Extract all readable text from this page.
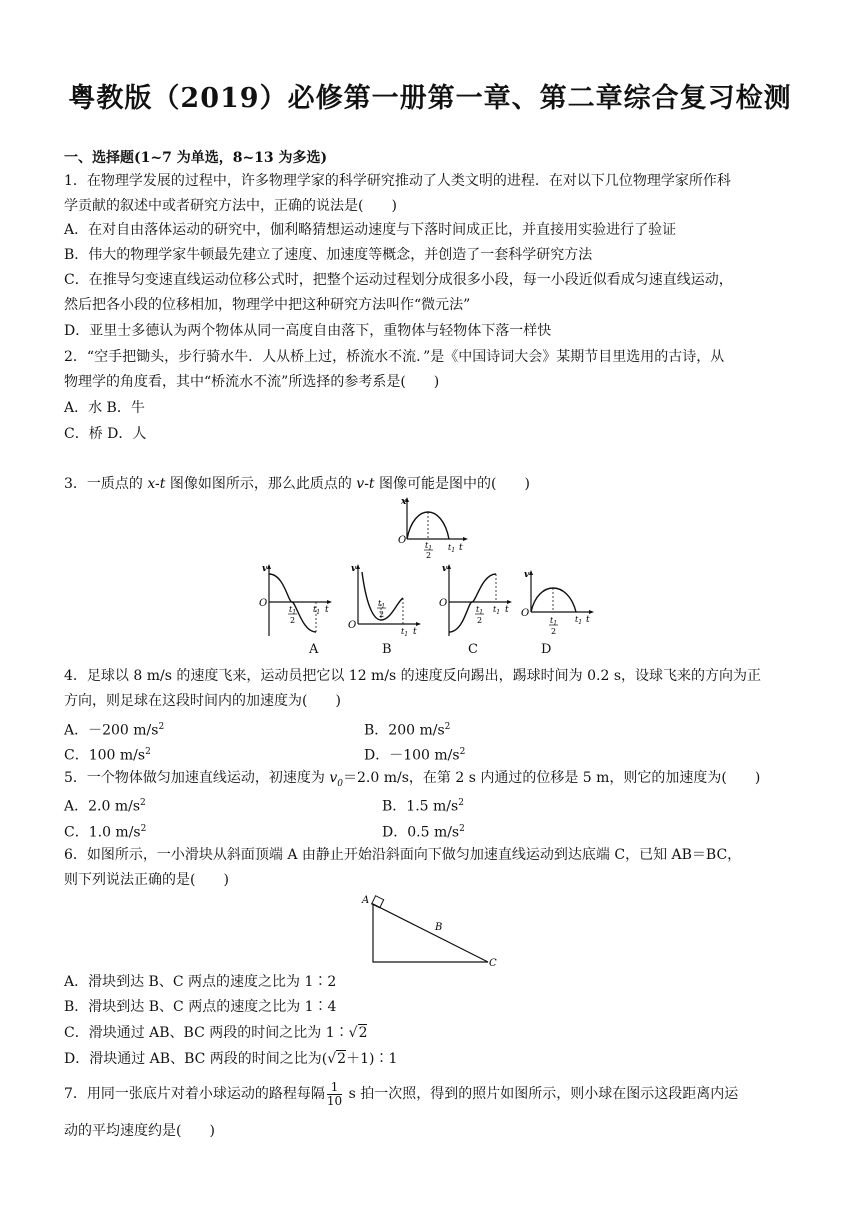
粤教版（2019）必修第一册第一章、第二章综合复习检测
一、选择题(1~7 为单选，8~13 为多选)
1．在物理学发展的过程中，许多物理学家的科学研究推动了人类文明的进程．在对以下几位物理学家所作科
学贡献的叙述中或者研究方法中，正确的说法是(　　)
A．在对自由落体运动的研究中，伽利略猜想运动速度与下落时间成正比，并直接用实验进行了验证
B．伟大的物理学家牛顿最先建立了速度、加速度等概念，并创造了一套科学研究方法
C．在推导匀变速直线运动位移公式时，把整个运动过程划分成很多小段，每一小段近似看成匀速直线运动，
然后把各小段的位移相加，物理学中把这种研究方法叫作“微元法”
D．亚里士多德认为两个物体从同一高度自由落下，重物体与轻物体下落一样快
2．“空手把锄头，步行骑水牛．人从桥上过，桥流水不流．”是《中国诗词大会》某期节目里选用的古诗，从
物理学的角度看，其中“桥流水不流”所选择的参考系是(　　)
A．水 B．牛
C．桥 D．人
3．一质点的 x-t 图像如图所示，那么此质点的 v-t 图像可能是图中的(　　)
O
x
t
$t_1$
$t_1$
2
O
v
t
$t_1$
$t_1$
2	O
v
t
$t_1$
$t_1$
2
O
v
t
$t_1$
$t_1$
2
O
v
t
$t_1$
$t_1$
2
A	B	C	D
4．足球以 8 m/s 的速度飞来，运动员把它以 12 m/s 的速度反向踢出，踢球时间为 0.2 s，设球飞来的方向为正
方向，则足球在这段时间内的加速度为(　　)
A．－200 $m/s^2$	B．200 $m/s^2$
C．100 $m/s^2$	D．－100 $m/s^2$
5．一个物体做匀加速直线运动，初速度为 $v_0=2.0$ m/s，在第 2 s 内通过的位移是 5 m，则它的加速度为(　　)
A．2.0 $m/s^2$	B．1.5 $m/s^2$
C．1.0 $m/s^2$	D．0.5 $m/s^2$
6．如图所示，一小滑块从斜面顶端 A 由静止开始沿斜面向下做匀加速直线运动到达底端 C，已知 AB＝BC，
则下列说法正确的是(　　)
A
B
C
A．滑块到达 B、C 两点的速度之比为 1∶2
B．滑块到达 B、C 两点的速度之比为 1∶4
C．滑块通过 AB、BC 两段的时间之比为 1∶√2
D．滑块通过 AB、BC 两段的时间之比为(√2＋1)∶1
7．用同一张底片对着小球运动的路程每隔 $\frac{1}{10}$ s 拍一次照，得到的照片如图所示，则小球在图示这段距离内运
动的平均速度约是(　　)
